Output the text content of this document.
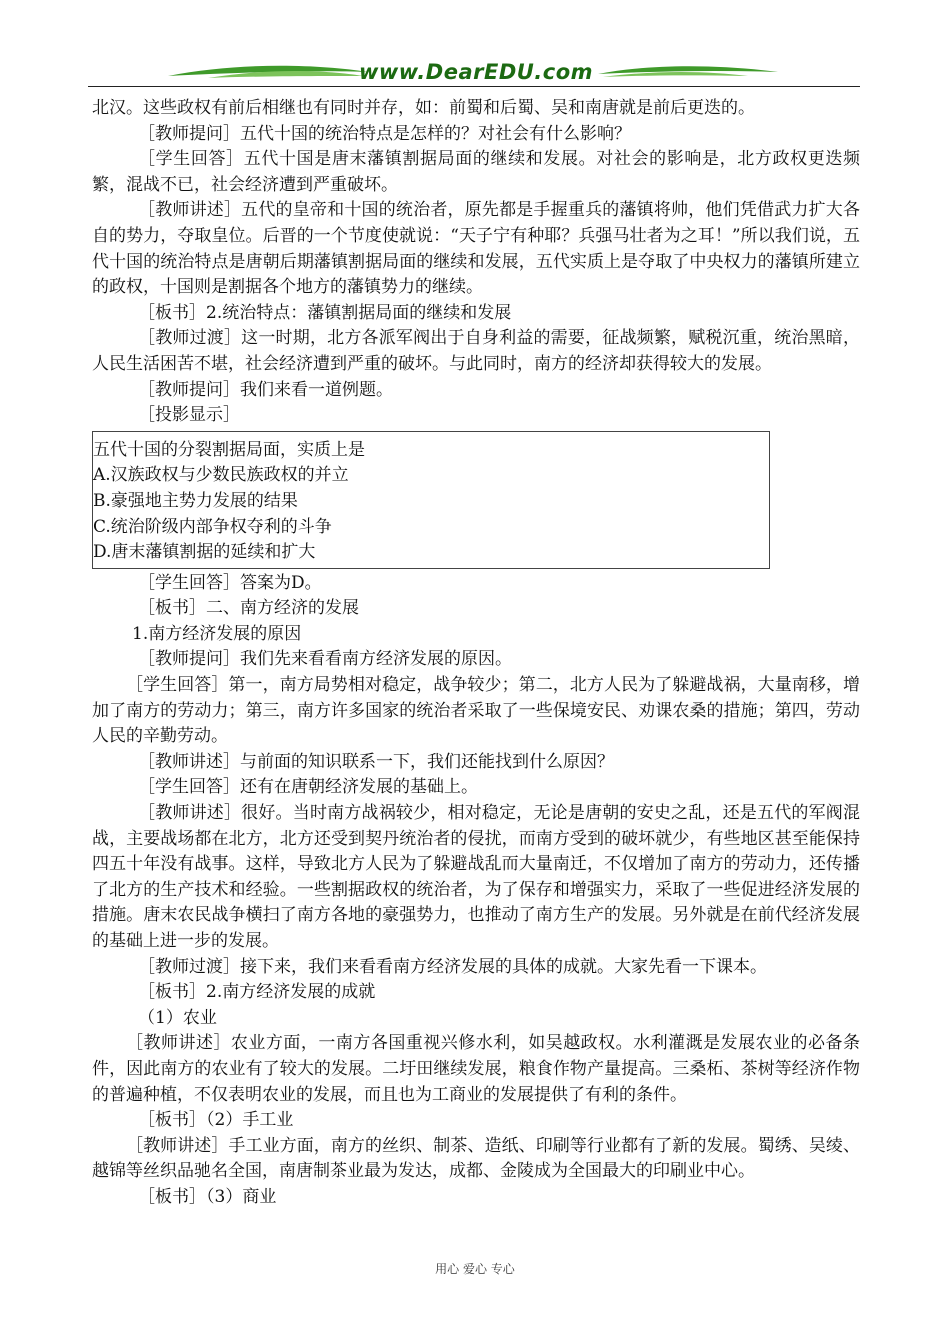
www.DearEDU.com

北汉。这些政权有前后相继也有同时并存，如：前蜀和后蜀、吴和南唐就是前后更迭的。

［教师提问］五代十国的统治特点是怎样的？对社会有什么影响？

［学生回答］五代十国是唐末藩镇割据局面的继续和发展。对社会的影响是，北方政权更迭频繁，混战不已，社会经济遭到严重破坏。

［教师讲述］五代的皇帝和十国的统治者，原先都是手握重兵的藩镇将帅，他们凭借武力扩大各自的势力，夺取皇位。后晋的一个节度使就说：“天子宁有种耶？兵强马壮者为之耳！”所以我们说，五代十国的统治特点是唐朝后期藩镇割据局面的继续和发展，五代实质上是夺取了中央权力的藩镇所建立的政权，十国则是割据各个地方的藩镇势力的继续。

［板书］2.统治特点：藩镇割据局面的继续和发展

［教师过渡］这一时期，北方各派军阀出于自身利益的需要，征战频繁，赋税沉重，统治黑暗，人民生活困苦不堪，社会经济遭到严重的破坏。与此同时，南方的经济却获得较大的发展。

［教师提问］我们来看一道例题。

［投影显示］

五代十国的分裂割据局面，实质上是

A.汉族政权与少数民族政权的并立

B.豪强地主势力发展的结果

C.统治阶级内部争权夺利的斗争

D.唐末藩镇割据的延续和扩大

［学生回答］答案为D。

［板书］二、南方经济的发展

1.南方经济发展的原因

［教师提问］我们先来看看南方经济发展的原因。

［学生回答］第一，南方局势相对稳定，战争较少；第二，北方人民为了躲避战祸，大量南移，增加了南方的劳动力；第三，南方许多国家的统治者采取了一些保境安民、劝课农桑的措施；第四，劳动人民的辛勤劳动。

［教师讲述］与前面的知识联系一下，我们还能找到什么原因？

［学生回答］还有在唐朝经济发展的基础上。

［教师讲述］很好。当时南方战祸较少，相对稳定，无论是唐朝的安史之乱，还是五代的军阀混战，主要战场都在北方，北方还受到契丹统治者的侵扰，而南方受到的破坏就少，有些地区甚至能保持四五十年没有战事。这样，导致北方人民为了躲避战乱而大量南迁，不仅增加了南方的劳动力，还传播了北方的生产技术和经验。一些割据政权的统治者，为了保存和增强实力，采取了一些促进经济发展的措施。唐末农民战争横扫了南方各地的豪强势力，也推动了南方生产的发展。另外就是在前代经济发展的基础上进一步的发展。

［教师过渡］接下来，我们来看看南方经济发展的具体的成就。大家先看一下课本。

［板书］2.南方经济发展的成就

（1）农业

［教师讲述］农业方面，一南方各国重视兴修水利，如吴越政权。水利灌溉是发展农业的必备条件，因此南方的农业有了较大的发展。二圩田继续发展，粮食作物产量提高。三桑柘、茶树等经济作物的普遍种植，不仅表明农业的发展，而且也为工商业的发展提供了有利的条件。

［板书］（2）手工业

［教师讲述］手工业方面，南方的丝织、制茶、造纸、印刷等行业都有了新的发展。蜀绣、吴绫、越锦等丝织品驰名全国，南唐制茶业最为发达，成都、金陵成为全国最大的印刷业中心。

［板书］（3）商业

用心 爱心 专心
